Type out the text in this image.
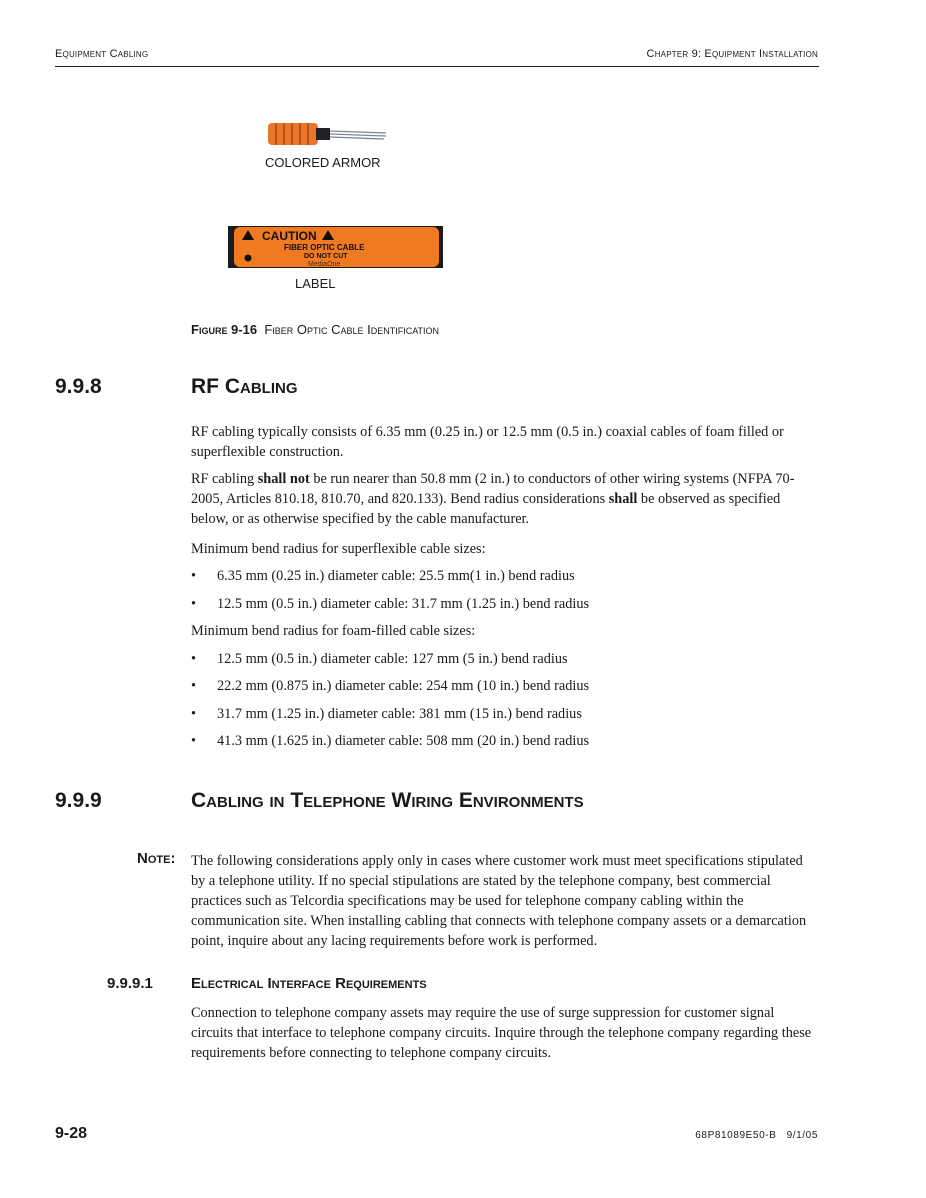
Equipment Cabling	Chapter 9: Equipment Installation
COLORED ARMOR
CAUTION
FIBER OPTIC CABLE
DO NOT CUT
MediaOne
LABEL
Figure 9-16 Fiber Optic Cable Identification
9.9.8	RF Cabling

RF cabling typically consists of 6.35 mm (0.25 in.) or 12.5 mm (0.5 in.) coaxial cables of foam filled or superflexible construction.

RF cabling shall not be run nearer than 50.8 mm (2 in.) to conductors of other wiring systems (NFPA 70-2005, Articles 810.18, 810.70, and 820.133). Bend radius considerations shall be observed as specified below, or as otherwise specified by the cable manufacturer.

Minimum bend radius for superflexible cable sizes:

• 6.35 mm (0.25 in.) diameter cable: 25.5 mm(1 in.) bend radius
• 12.5 mm (0.5 in.) diameter cable: 31.7 mm (1.25 in.) bend radius

Minimum bend radius for foam-filled cable sizes:

• 12.5 mm (0.5 in.) diameter cable: 127 mm (5 in.) bend radius
• 22.2 mm (0.875 in.) diameter cable: 254 mm (10 in.) bend radius
• 31.7 mm (1.25 in.) diameter cable: 381 mm (15 in.) bend radius
• 41.3 mm (1.625 in.) diameter cable: 508 mm (20 in.) bend radius
9.9.9	Cabling in Telephone Wiring Environments
Note: The following considerations apply only in cases where customer work must meet specifications stipulated by a telephone utility. If no special stipulations are stated by the telephone company, best commercial practices such as Telcordia specifications may be used for telephone company cabling within the communication site. When installing cabling that connects with telephone company assets or a demarcation point, inquire about any lacing requirements before work is performed.

9.9.9.1	Electrical Interface Requirements

Connection to telephone company assets may require the use of surge suppression for customer signal circuits that interface to telephone company circuits. Inquire through the telephone company regarding these requirements before connecting to telephone company circuits.

9-28	68P81089E50-B   9/1/05
